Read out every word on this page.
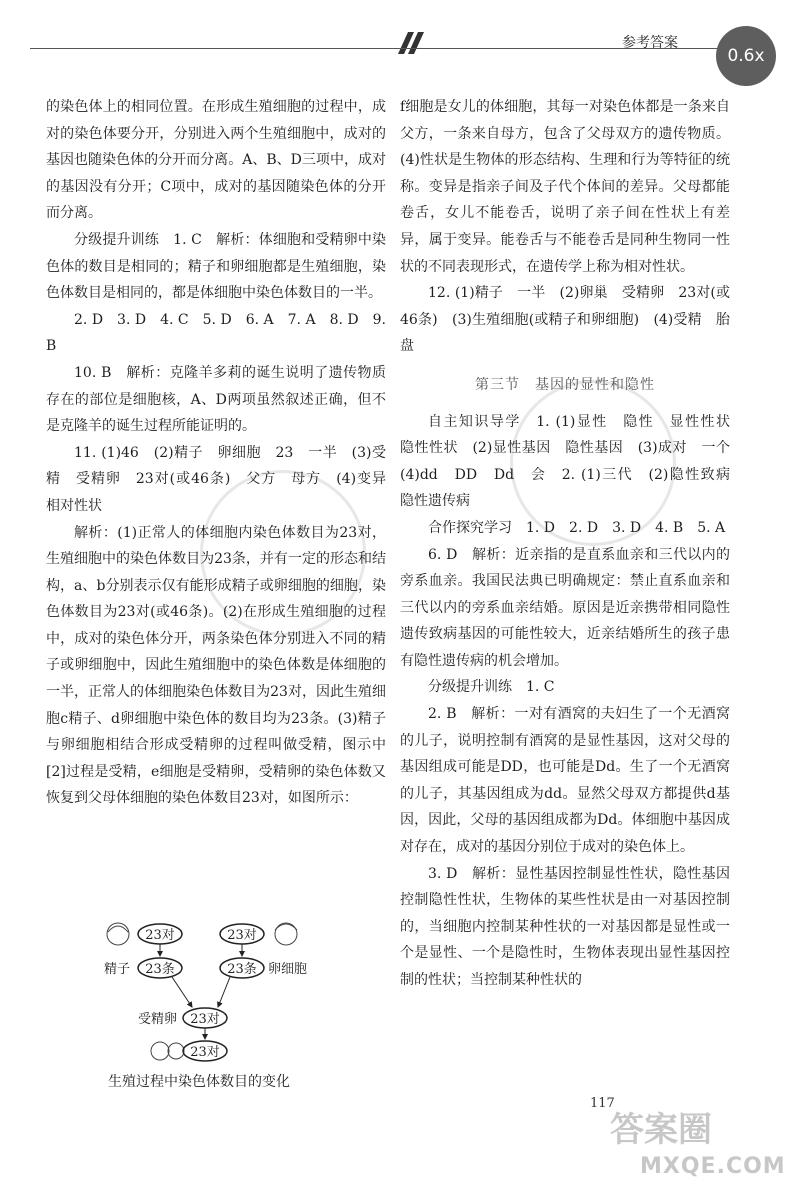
参考答案
0.6x

的染色体上的相同位置。在形成生殖细胞的过程中，成对的染色体要分开，分别进入两个生殖细胞中，成对的基因也随染色体的分开而分离。A、B、D三项中，成对的基因没有分开；C项中，成对的基因随染色体的分开而分离。

分级提升训练　1. C　解析：体细胞和受精卵中染色体的数目是相同的；精子和卵细胞都是生殖细胞，染色体数目是相同的，都是体细胞中染色体数目的一半。

2. D　3. D　4. C　5. D　6. A　7. A　8. D　9. B

10. B　解析：克隆羊多莉的诞生说明了遗传物质存在的部位是细胞核，A、D两项虽然叙述正确，但不是克隆羊的诞生过程所能证明的。

11. (1)46　(2)精子　卵细胞　23　一半　(3)受精　受精卵　23对(或46条)　父方　母方　(4)变异　相对性状

解析：(1)正常人的体细胞内染色体数目为23对，生殖细胞中的染色体数目为23条，并有一定的形态和结构，a、b分别表示仅有能形成精子或卵细胞的细胞，染色体数目为23对(或46条)。(2)在形成生殖细胞的过程中，成对的染色体分开，两条染色体分别进入不同的精子或卵细胞中，因此生殖细胞中的染色体数是体细胞的一半，正常人的体细胞染色体数目为23对，因此生殖细胞c精子、d卵细胞中染色体的数目均为23条。(3)精子与卵细胞相结合形成受精卵的过程叫做受精，图示中[2]过程是受精，e细胞是受精卵，受精卵的染色体数又恢复到父母体细胞的染色体数目23对，如图所示：

23对	23对
23条	23条
23对
23对
精子	卵细胞
受精卵
生殖过程中染色体数目的变化

f细胞是女儿的体细胞，其每一对染色体都是一条来自父方，一条来自母方，包含了父母双方的遗传物质。(4)性状是生物体的形态结构、生理和行为等特征的统称。变异是指亲子间及子代个体间的差异。父母都能卷舌，女儿不能卷舌，说明了亲子间在性状上有差异，属于变异。能卷舌与不能卷舌是同种生物同一性状的不同表现形式，在遗传学上称为相对性状。

12. (1)精子　一半　(2)卵巢　受精卵　23对(或46条)　(3)生殖细胞(或精子和卵细胞)　(4)受精　胎盘

第三节　基因的显性和隐性

自主知识导学　1. (1)显性　隐性　显性性状　隐性性状　(2)显性基因　隐性基因　(3)成对　一个　(4)dd　DD　Dd　会　2. (1)三代　(2)隐性致病　隐性遗传病

合作探究学习　1. D　2. D　3. D　4. B　5. A

6. D　解析：近亲指的是直系血亲和三代以内的旁系血亲。我国民法典已明确规定：禁止直系血亲和三代以内的旁系血亲结婚。原因是近亲携带相同隐性遗传致病基因的可能性较大，近亲结婚所生的孩子患有隐性遗传病的机会增加。

分级提升训练　1. C

2. B　解析：一对有酒窝的夫妇生了一个无酒窝的儿子，说明控制有酒窝的是显性基因，这对父母的基因组成可能是DD，也可能是Dd。生了一个无酒窝的儿子，其基因组成为dd。显然父母双方都提供d基因，因此，父母的基因组成都为Dd。体细胞中基因成对存在，成对的基因分别位于成对的染色体上。

3. D　解析：显性基因控制显性性状，隐性基因控制隐性性状，生物体的某些性状是由一对基因控制的，当细胞内控制某种性状的一对基因都是显性或一个是显性、一个是隐性时，生物体表现出显性基因控制的性状；当控制某种性状的

117
答案圈
MXQE.COM
